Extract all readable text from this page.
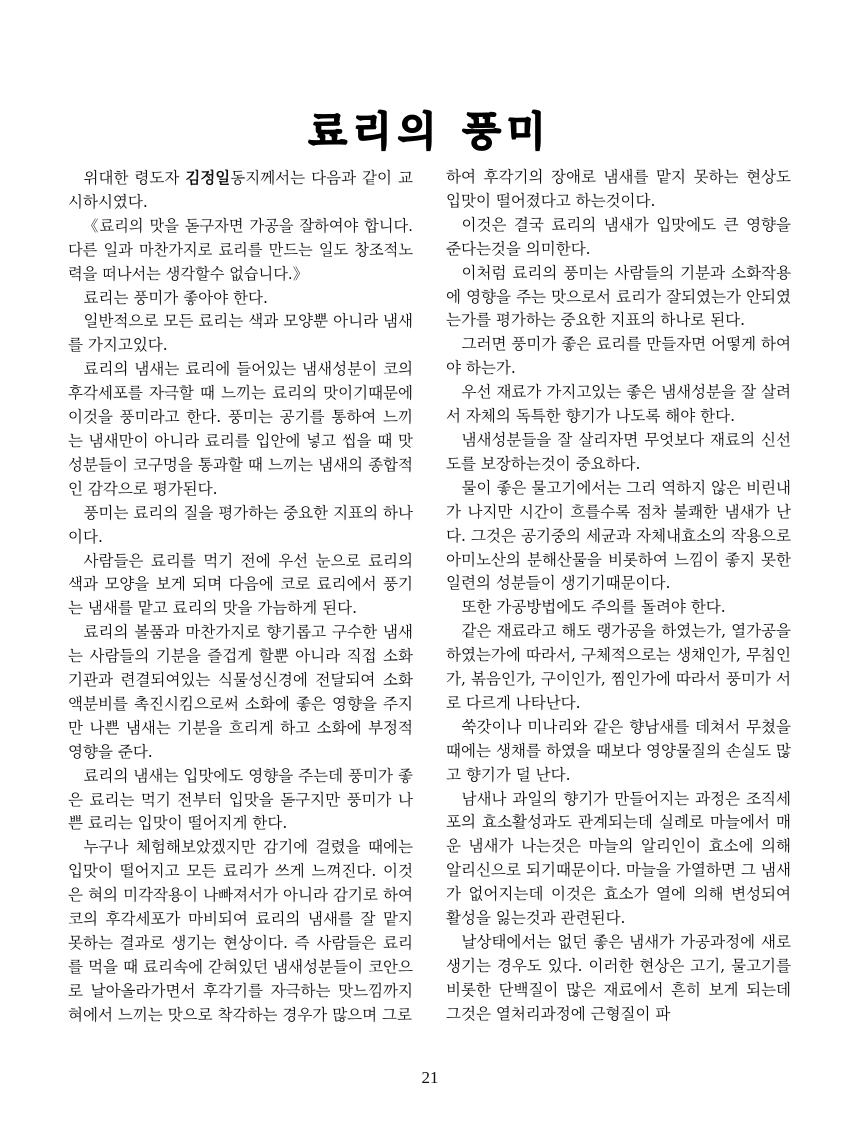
료리의 풍미

위대한 령도자 김정일동지께서는 다음과 같이 교시하시였다.

《료리의 맛을 돋구자면 가공을 잘하여야 합니다. 다른 일과 마찬가지로 료리를 만드는 일도 창조적노력을 떠나서는 생각할수 없습니다.》

료리는 풍미가 좋아야 한다.

일반적으로 모든 료리는 색과 모양뿐 아니라 냄새를 가지고있다.

료리의 냄새는 료리에 들어있는 냄새성분이 코의 후각세포를 자극할 때 느끼는 료리의 맛이기때문에 이것을 풍미라고 한다. 풍미는 공기를 통하여 느끼는 냄새만이 아니라 료리를 입안에 넣고 씹을 때 맛성분들이 코구멍을 통과할 때 느끼는 냄새의 종합적인 감각으로 평가된다.

풍미는 료리의 질을 평가하는 중요한 지표의 하나이다.

사람들은 료리를 먹기 전에 우선 눈으로 료리의 색과 모양을 보게 되며 다음에 코로 료리에서 풍기는 냄새를 맡고 료리의 맛을 가늠하게 된다.

료리의 볼품과 마찬가지로 향기롭고 구수한 냄새는 사람들의 기분을 즐겁게 할뿐 아니라 직접 소화기관과 련결되여있는 식물성신경에 전달되여 소화액분비를 촉진시킴으로써 소화에 좋은 영향을 주지만 나쁜 냄새는 기분을 흐리게 하고 소화에 부정적영향을 준다.

료리의 냄새는 입맛에도 영향을 주는데 풍미가 좋은 료리는 먹기 전부터 입맛을 돋구지만 풍미가 나쁜 료리는 입맛이 떨어지게 한다.

누구나 체험해보았겠지만 감기에 걸렸을 때에는 입맛이 떨어지고 모든 료리가 쓰게 느껴진다. 이것은 혀의 미각작용이 나빠져서가 아니라 감기로 하여 코의 후각세포가 마비되여 료리의 냄새를 잘 맡지 못하는 결과로 생기는 현상이다. 즉 사람들은 료리를 먹을 때 료리속에 갇혀있던 냄새성분들이 코안으로 날아올라가면서 후각기를 자극하는 맛느낌까지 혀에서 느끼는 맛으로 착각하는 경우가 많으며 그로

하여 후각기의 장애로 냄새를 맡지 못하는 현상도 입맛이 떨어졌다고 하는것이다.

이것은 결국 료리의 냄새가 입맛에도 큰 영향을 준다는것을 의미한다.

이처럼 료리의 풍미는 사람들의 기분과 소화작용에 영향을 주는 맛으로서 료리가 잘되였는가 안되였는가를 평가하는 중요한 지표의 하나로 된다.

그러면 풍미가 좋은 료리를 만들자면 어떻게 하여야 하는가.

우선 재료가 가지고있는 좋은 냄새성분을 잘 살려서 자체의 독특한 향기가 나도록 해야 한다.

냄새성분들을 잘 살리자면 무엇보다 재료의 신선도를 보장하는것이 중요하다.

물이 좋은 물고기에서는 그리 역하지 않은 비린내가 나지만 시간이 흐를수록 점차 불쾌한 냄새가 난다. 그것은 공기중의 세균과 자체내효소의 작용으로 아미노산의 분해산물을 비롯하여 느낌이 좋지 못한 일련의 성분들이 생기기때문이다.

또한 가공방법에도 주의를 돌려야 한다.

같은 재료라고 해도 랭가공을 하였는가, 열가공을 하였는가에 따라서, 구체적으로는 생채인가, 무침인가, 볶음인가, 구이인가, 찜인가에 따라서 풍미가 서로 다르게 나타난다.

쑥갓이나 미나리와 같은 향남새를 데쳐서 무쳤을 때에는 생채를 하였을 때보다 영양물질의 손실도 많고 향기가 덜 난다.

남새나 과일의 향기가 만들어지는 과정은 조직세포의 효소활성과도 관계되는데 실례로 마늘에서 매운 냄새가 나는것은 마늘의 알리인이 효소에 의해 알리신으로 되기때문이다. 마늘을 가열하면 그 냄새가 없어지는데 이것은 효소가 열에 의해 변성되여 활성을 잃는것과 관련된다.

날상태에서는 없던 좋은 냄새가 가공과정에 새로 생기는 경우도 있다. 이러한 현상은 고기, 물고기를 비롯한 단백질이 많은 재료에서 흔히 보게 되는데 그것은 열처리과정에 근형질이 파

21
